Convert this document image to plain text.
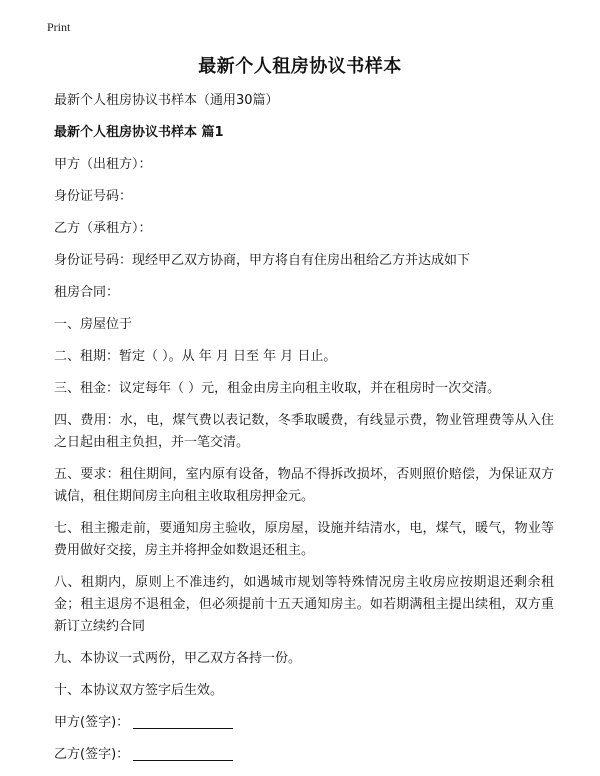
Print
最新个人租房协议书样本

最新个人租房协议书样本（通用30篇）

最新个人租房协议书样本 篇1

甲方（出租方）：

身份证号码：

乙方（承租方）：

身份证号码：现经甲乙双方协商，甲方将自有住房出租给乙方并达成如下

租房合同：

一、房屋位于

二、租期：暂定（ ）。从 年 月 日至 年 月 日止。

三、租金：议定每年（ ）元，租金由房主向租主收取，并在租房时一次交清。

四、费用：水，电，煤气费以表记数，冬季取暖费，有线显示费，物业管理费等从入住之日起由租主负担，并一笔交清。

五、要求：租住期间，室内原有设备，物品不得拆改损坏，否则照价赔偿，为保证双方诚信，租住期间房主向租主收取租房押金元。

七、租主搬走前，要通知房主验收，原房屋，设施并结清水，电，煤气，暖气，物业等费用做好交接，房主并将押金如数退还租主。

八、租期内，原则上不准违约，如遇城市规划等特殊情况房主收房应按期退还剩余租金；租主退房不退租金，但必须提前十五天通知房主。如若期满租主提出续租，双方重新订立续约合同

九、本协议一式两份，甲乙双方各持一份。

十、本协议双方签字后生效。

甲方(签字)：

乙方(签字)：
